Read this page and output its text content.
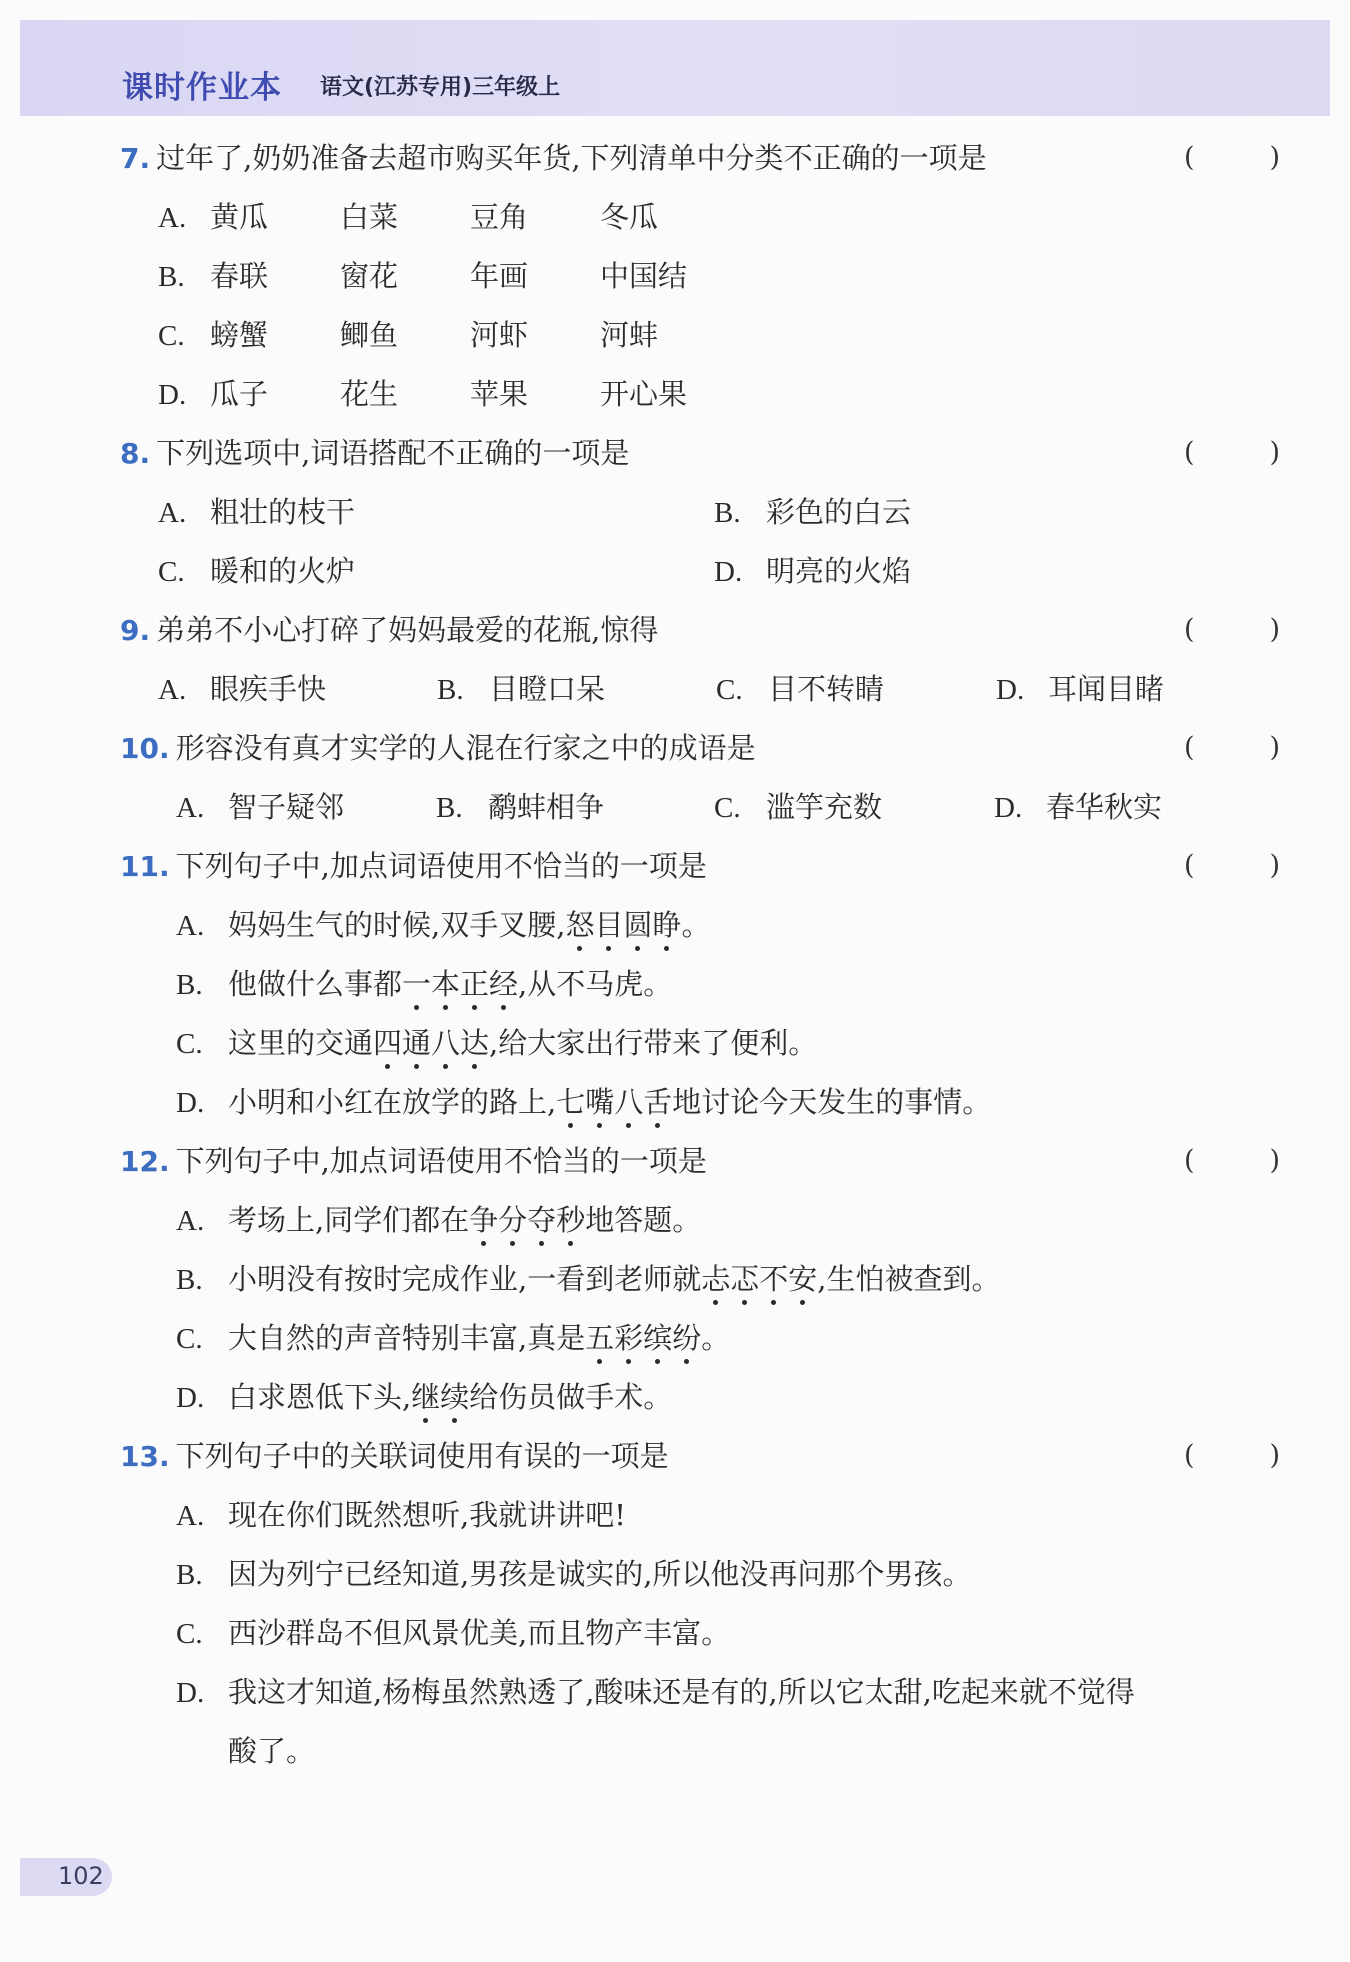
课时作业本 语文(江苏专用)三年级上
7. 过年了,奶奶准备去超市购买年货,下列清单中分类不正确的一项是	(	)
A. 黄瓜 白菜 豆角 冬瓜
B. 春联 窗花 年画 中国结
C. 螃蟹 鲫鱼 河虾 河蚌
D. 瓜子 花生 苹果 开心果
8. 下列选项中,词语搭配不正确的一项是	(	)
A. 粗壮的枝干	B. 彩色的白云
C. 暖和的火炉	D. 明亮的火焰
9. 弟弟不小心打碎了妈妈最爱的花瓶,惊得	(	)
A. 眼疾手快	B. 目瞪口呆	C. 目不转睛	D. 耳闻目睹
10. 形容没有真才实学的人混在行家之中的成语是	(	)
A. 智子疑邻	B. 鹬蚌相争	C. 滥竽充数	D. 春华秋实
11. 下列句子中,加点词语使用不恰当的一项是	(	)
A. 妈妈生气的时候,双手叉腰,怒目圆睁
。
B. 他做什么事都一本正经
,从不马虎。
C. 这里的交通四通八达
,给大家出行带来了便利。
D. 小明和小红在放学的路上,七嘴八舌
地讨论今天发生的事情。
12. 下列句子中,加点词语使用不恰当的一项是	(	)
A. 考场上,同学们都在争分夺秒
地答题。
B. 小明没有按时完成作业,一看到老师就忐忑不安
,生怕被查到。
C. 大自然的声音特别丰富,真是五彩缤纷
。
D. 白求恩低下头,继续
给伤员做手术。
13. 下列句子中的关联词使用有误的一项是	(	)
A. 现在你们既然想听,我就讲讲吧!
B. 因为列宁已经知道,男孩是诚实的,所以他没再问那个男孩。
C. 西沙群岛不但风景优美,而且物产丰富。
D. 我这才知道,杨梅虽然熟透了,酸味还是有的,所以它太甜,吃起来就不觉得
酸了。
102
